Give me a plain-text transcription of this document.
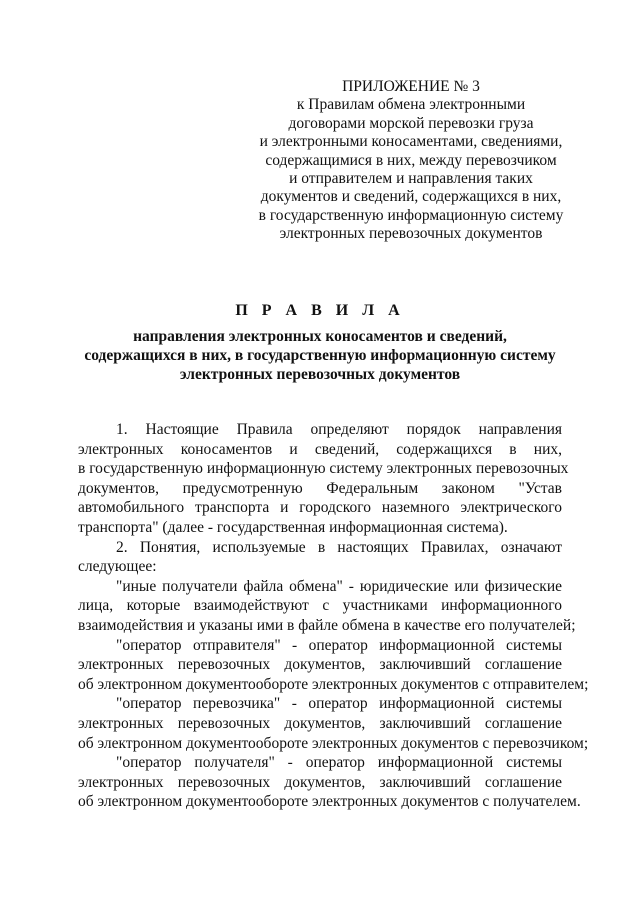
ПРИЛОЖЕНИЕ № 3
к Правилам обмена электронными
договорами морской перевозки груза
и электронными коносаментами, сведениями,
содержащимися в них, между перевозчиком
и отправителем и направления таких
документов и сведений, содержащихся в них,
в государственную информационную систему
электронных перевозочных документов
П Р А В И Л А
направления электронных коносаментов и сведений,
содержащихся в них, в государственную информационную систему
электронных перевозочных документов
1. Настоящие Правила определяют порядок направления
электронных коносаментов и сведений, содержащихся в них,
в государственную информационную систему электронных перевозочных
документов, предусмотренную Федеральным законом "Устав
автомобильного транспорта и городского наземного электрического
транспорта" (далее - государственная информационная система).
2. Понятия, используемые в настоящих Правилах, означают
следующее:
"иные получатели файла обмена" - юридические или физические
лица, которые взаимодействуют с участниками информационного
взаимодействия и указаны ими в файле обмена в качестве его получателей;
"оператор отправителя" - оператор информационной системы
электронных перевозочных документов, заключивший соглашение
об электронном документообороте электронных документов с отправителем;
"оператор перевозчика" - оператор информационной системы
электронных перевозочных документов, заключивший соглашение
об электронном документообороте электронных документов с перевозчиком;
"оператор получателя" - оператор информационной системы
электронных перевозочных документов, заключивший соглашение
об электронном документообороте электронных документов с получателем.
